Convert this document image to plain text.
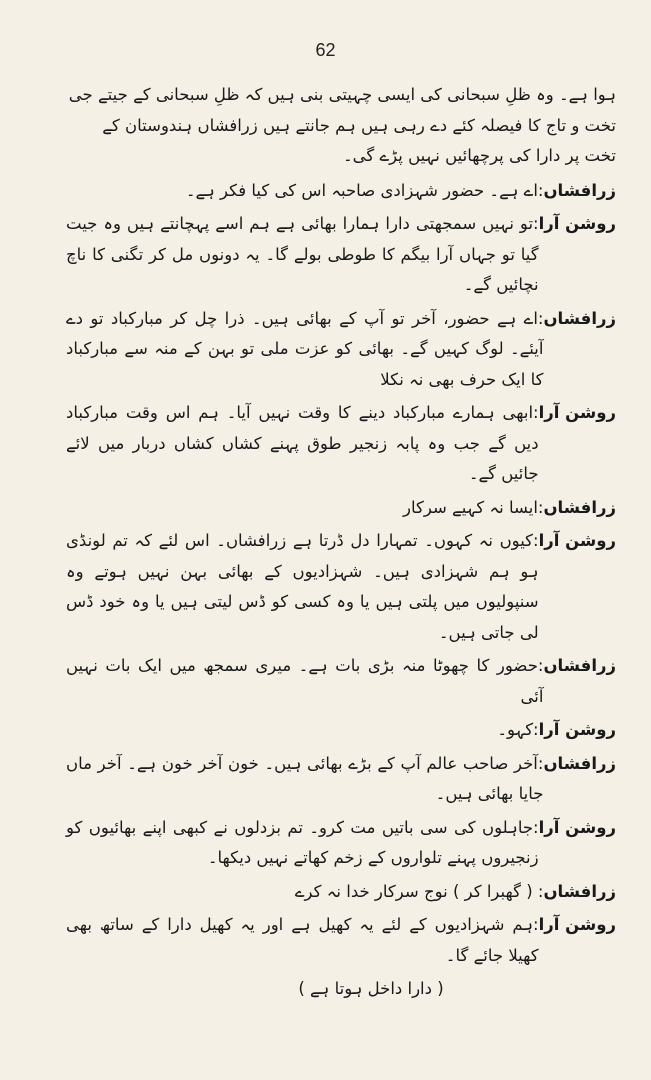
62

ہوا ہے۔ وہ ظلِ سبحانی کی ایسی چہیتی بنی ہیں کہ ظلِ سبحانی کے جیتے جی تخت و تاج کا فیصلہ کئے دے رہی ہیں ہم جانتے ہیں زرافشاں ہندوستان کے تخت پر دارا کی پرچھائیں نہیں پڑے گی۔

زرافشاں
:اے ہے۔ حضور شہزادی صاحبہ اس کی کیا فکر ہے۔
روشن آرا
:تو نہیں سمجھتی دارا ہمارا بھائی ہے ہم اسے پہچانتے ہیں وہ جیت گیا تو جہاں آرا بیگم کا طوطی بولے گا۔ یہ دونوں مل کر تگنی کا ناچ نچائیں گے۔
زرافشاں
:اے ہے حضور، آخر تو آپ کے بھائی ہیں۔ ذرا چل کر مبارکباد تو دے آیئے۔ لوگ کہیں گے۔ بھائی کو عزت ملی تو بہن کے منہ سے مبارکباد کا ایک حرف بھی نہ نکلا
روشن آرا
:ابھی ہمارے مبارکباد دینے کا وقت نہیں آیا۔ ہم اس وقت مبارکباد دیں گے جب وہ پابہ زنجیر طوق پہنے کشاں کشاں دربار میں لائے جائیں گے۔
زرافشاں
:ایسا نہ کہیے سرکار
روشن آرا
:کیوں نہ کہوں۔ تمہارا دل ڈرتا ہے زرافشاں۔ اس لئے کہ تم لونڈی ہو ہم شہزادی ہیں۔ شہزادیوں کے بھائی بہن نہیں ہوتے وہ سنپولیوں میں پلتی ہیں یا وہ کسی کو ڈس لیتی ہیں یا وہ خود ڈس لی جاتی ہیں۔
زرافشاں
:حضور کا چھوٹا منہ بڑی بات ہے۔ میری سمجھ میں ایک بات نہیں آئی
روشن آرا
:کہو۔
زرافشاں
:آخر صاحب عالم آپ کے بڑے بھائی ہیں۔ خون آخر خون ہے۔ آخر ماں جایا بھائی ہیں۔
روشن آرا
:جاہلوں کی سی باتیں مت کرو۔ تم بزدلوں نے کبھی اپنے بھائیوں کو زنجیروں پہنے تلواروں کے زخم کھاتے نہیں دیکھا۔
زرافشاں
: ( گھبرا کر ) نوج سرکار خدا نہ کرے
روشن آرا
:ہم شہزادیوں کے لئے یہ کھیل ہے اور یہ کھیل دارا کے ساتھ بھی کھیلا جائے گا۔

( دارا داخل ہوتا ہے )
